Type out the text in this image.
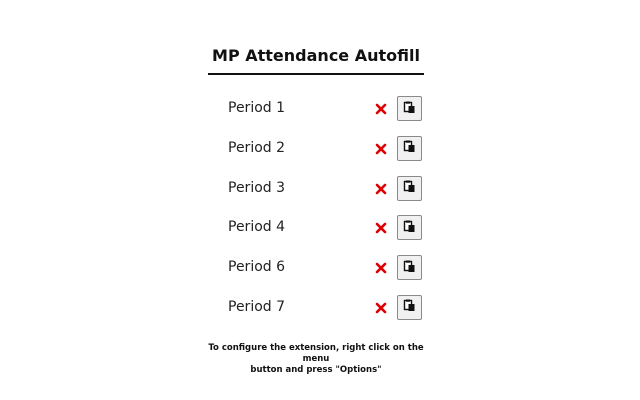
MP Attendance Autofill
Period 1
Period 2
Period 3
Period 4
Period 6
Period 7
To configure the extension, right click on the menu
button and press "Options"
